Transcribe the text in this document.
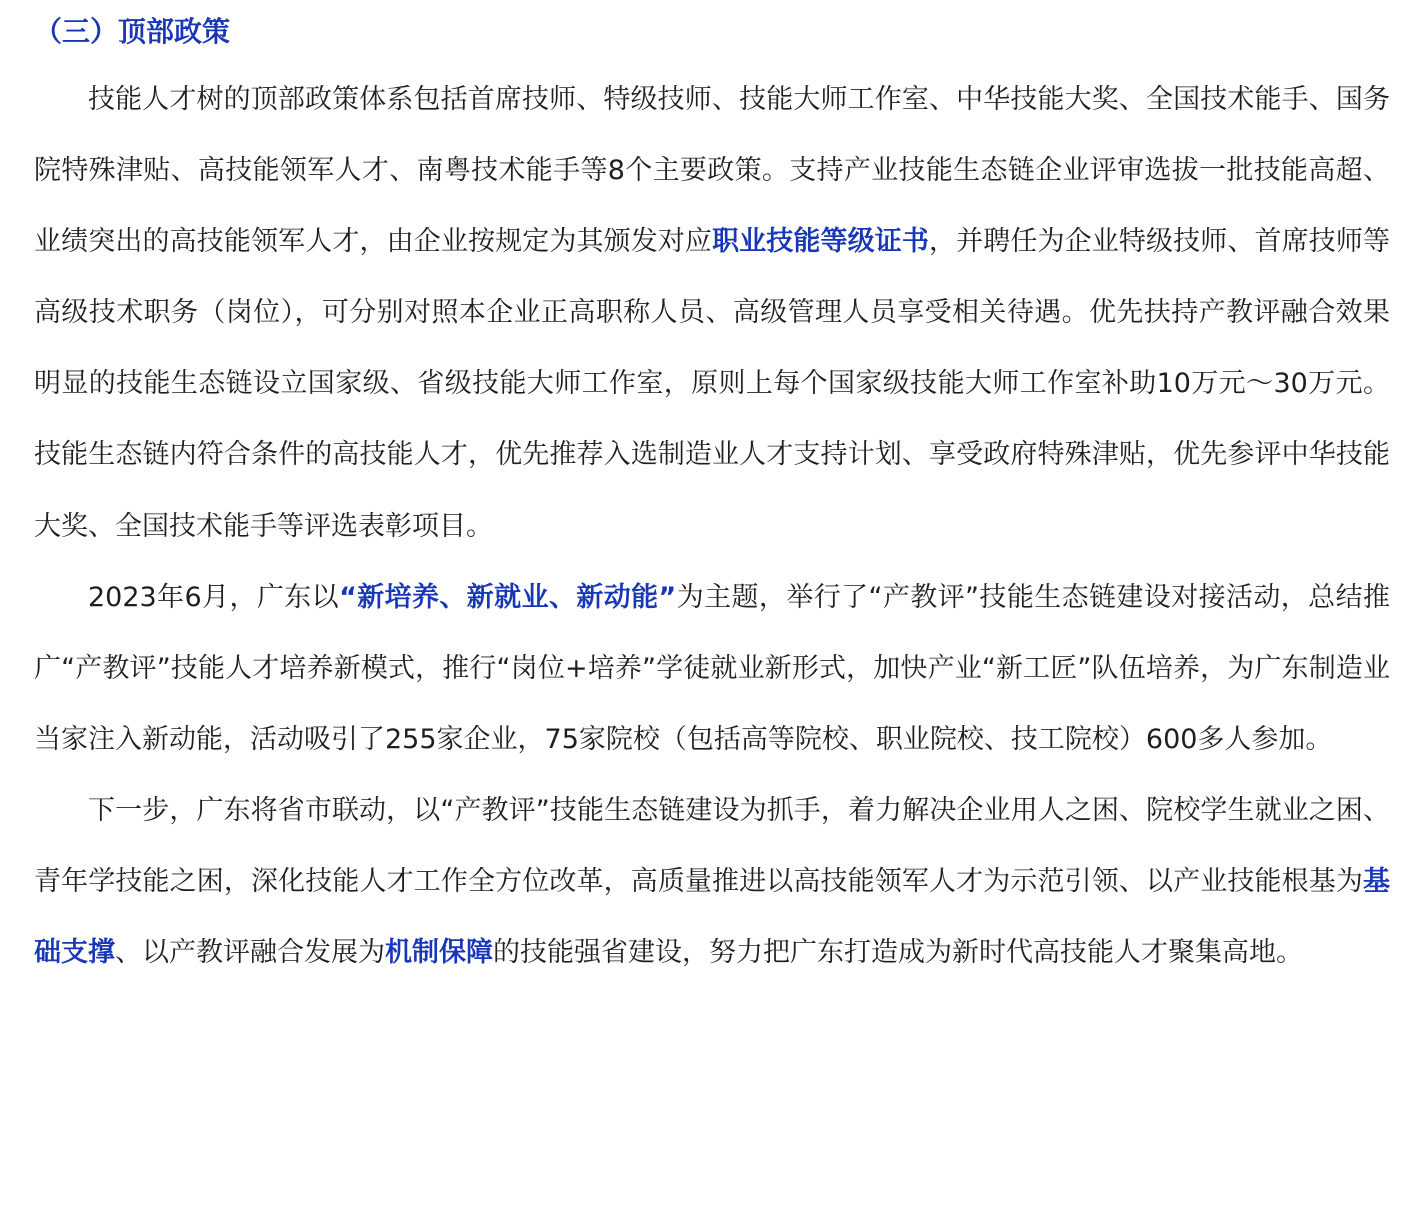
（三）顶部政策

技能人才树的顶部政策体系包括首席技师、特级技师、技能大师工作室、中华技能大奖、全国技术能手、国务院特殊津贴、高技能领军人才、南粤技术能手等8个主要政策。支持产业技能生态链企业评审选拔一批技能高超、业绩突出的高技能领军人才，由企业按规定为其颁发对应职业技能等级证书，并聘任为企业特级技师、首席技师等高级技术职务（岗位），可分别对照本企业正高职称人员、高级管理人员享受相关待遇。优先扶持产教评融合效果明显的技能生态链设立国家级、省级技能大师工作室，原则上每个国家级技能大师工作室补助10万元～30万元。技能生态链内符合条件的高技能人才，优先推荐入选制造业人才支持计划、享受政府特殊津贴，优先参评中华技能大奖、全国技术能手等评选表彰项目。

2023年6月，广东以“新培养、新就业、新动能”为主题，举行了“产教评”技能生态链建设对接活动，总结推广“产教评”技能人才培养新模式，推行“岗位+培养”学徒就业新形式，加快产业“新工匠”队伍培养，为广东制造业当家注入新动能，活动吸引了255家企业，75家院校（包括高等院校、职业院校、技工院校）600多人参加。

下一步，广东将省市联动，以“产教评”技能生态链建设为抓手，着力解决企业用人之困、院校学生就业之困、青年学技能之困，深化技能人才工作全方位改革，高质量推进以高技能领军人才为示范引领、以产业技能根基为基础支撑、以产教评融合发展为机制保障的技能强省建设，努力把广东打造成为新时代高技能人才聚集高地。
